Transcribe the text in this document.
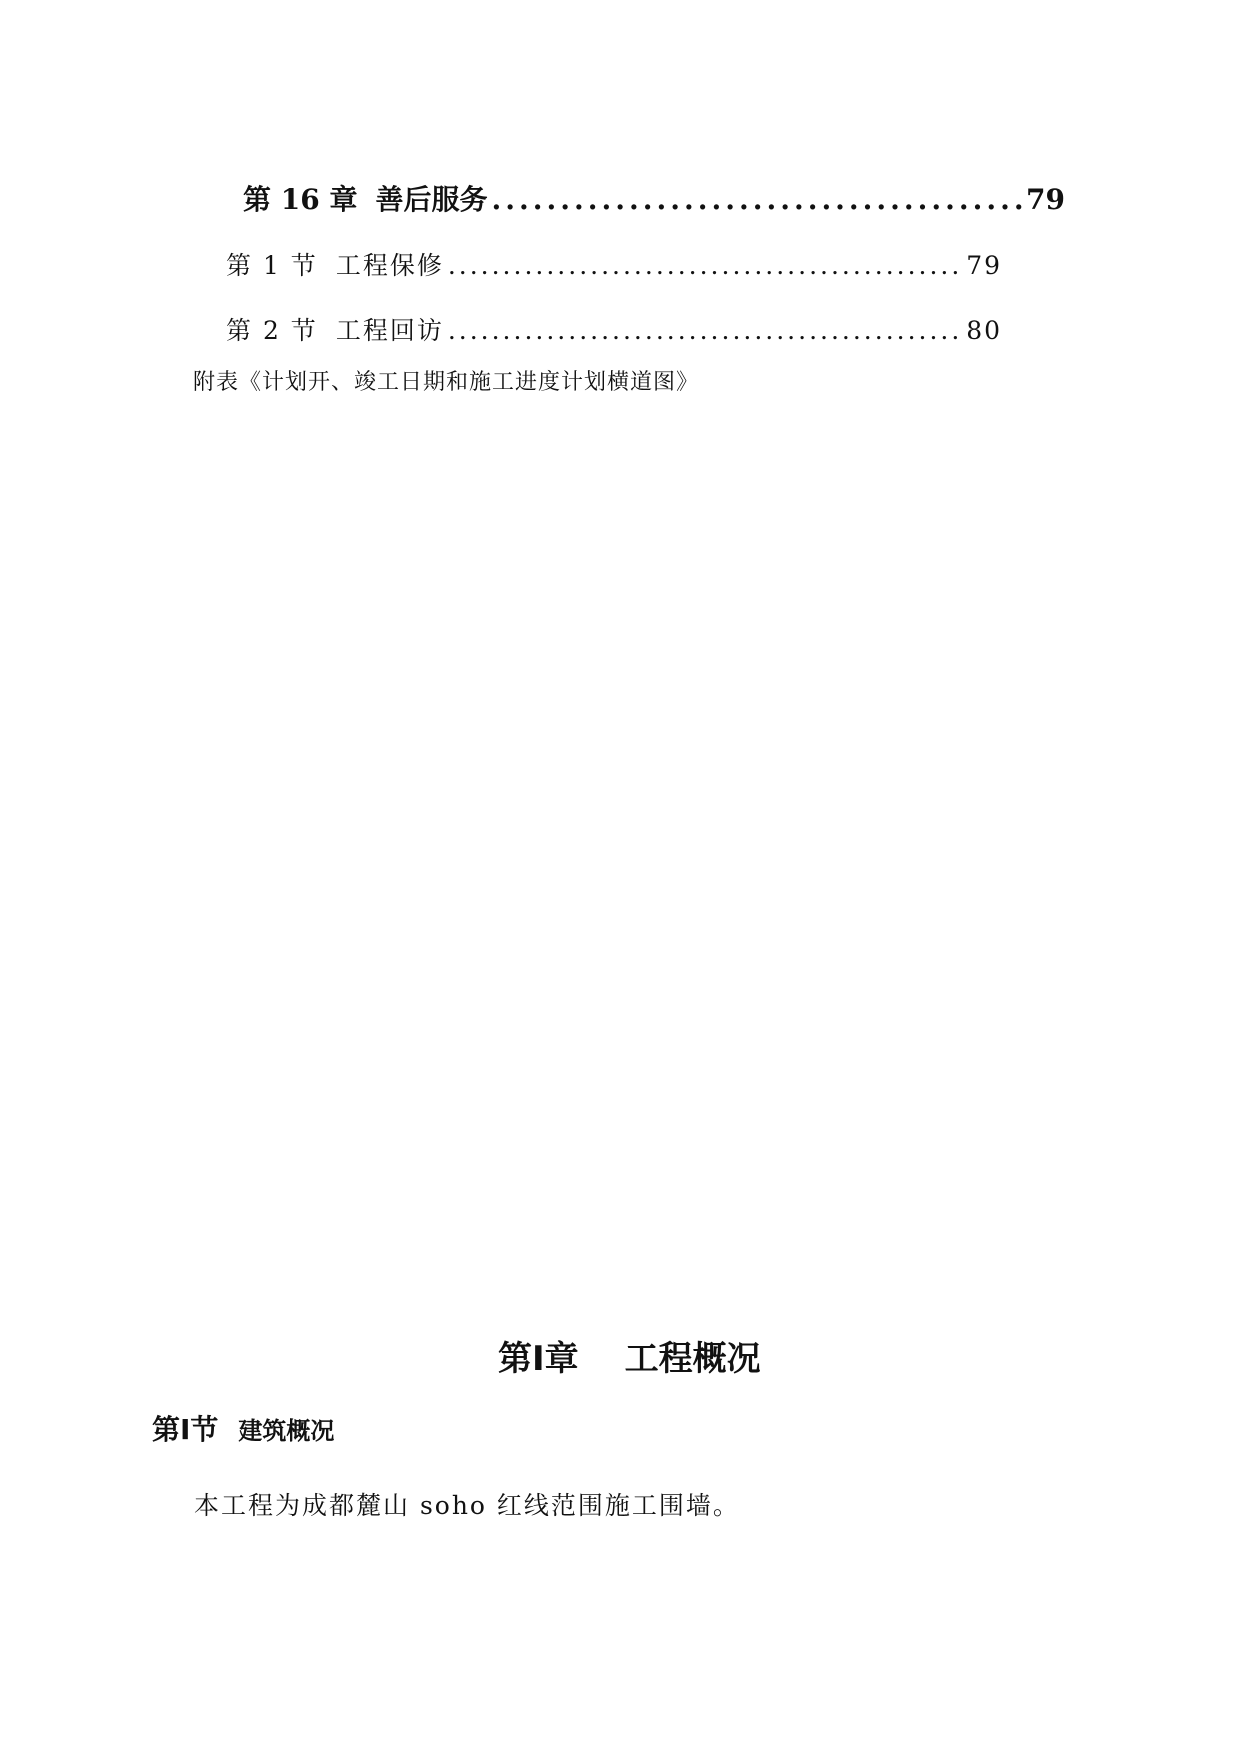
第 16 章 善后服务 .....	79
第 1 节 工程保修 .....	79
第 2 节 工程回访 .....	80
附表《计划开、竣工日期和施工进度计划横道图》
第Ⅰ章 工程概况
第Ⅰ节 建筑概况
本工程为成都麓山 soho 红线范围施工围墙。
